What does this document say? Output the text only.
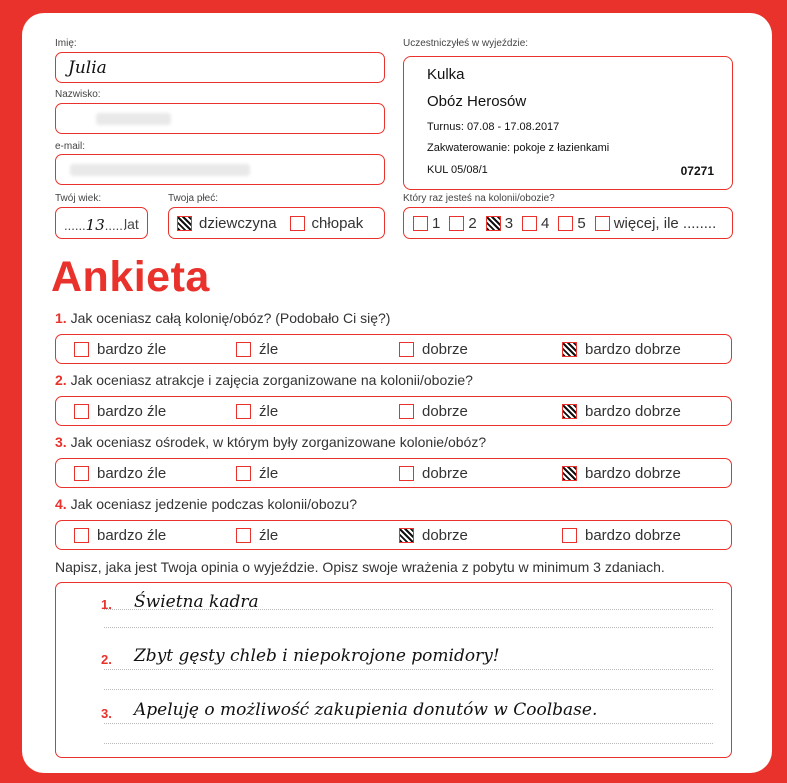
Imię:
Julia
Nazwisko:
e-mail:
Twój wiek:
......13......
lat
Twoja płeć:
dziewczyna chłopak
Uczestniczyłeś w wyjeździe:
Kulka
Obóz Herosów
Turnus: 07.08 - 17.08.2017
Zakwaterowanie: pokoje z łazienkami
KUL 05/08/1	07271
Który raz jesteś na kolonii/obozie?
1 2 3 4 5 więcej, ile ........
Ankieta
1. Jak oceniasz całą kolonię/obóz? (Podobało Ci się?)
bardzo źle	źle	dobrze	bardzo dobrze
2. Jak oceniasz atrakcje i zajęcia zorganizowane na kolonii/obozie?
bardzo źle	źle	dobrze	bardzo dobrze
3. Jak oceniasz ośrodek, w którym były zorganizowane kolonie/obóz?
bardzo źle	źle	dobrze	bardzo dobrze
4. Jak oceniasz jedzenie podczas kolonii/obozu?
bardzo źle	źle	dobrze	bardzo dobrze
Napisz, jaka jest Twoja opinia o wyjeździe. Opisz swoje wrażenia z pobytu w minimum 3 zdaniach.
1. Świetna kadra
2. Zbyt gęsty chleb i niepokrojone pomidory!
3. Apeluję o możliwość zakupienia donutów w Coolbase.
